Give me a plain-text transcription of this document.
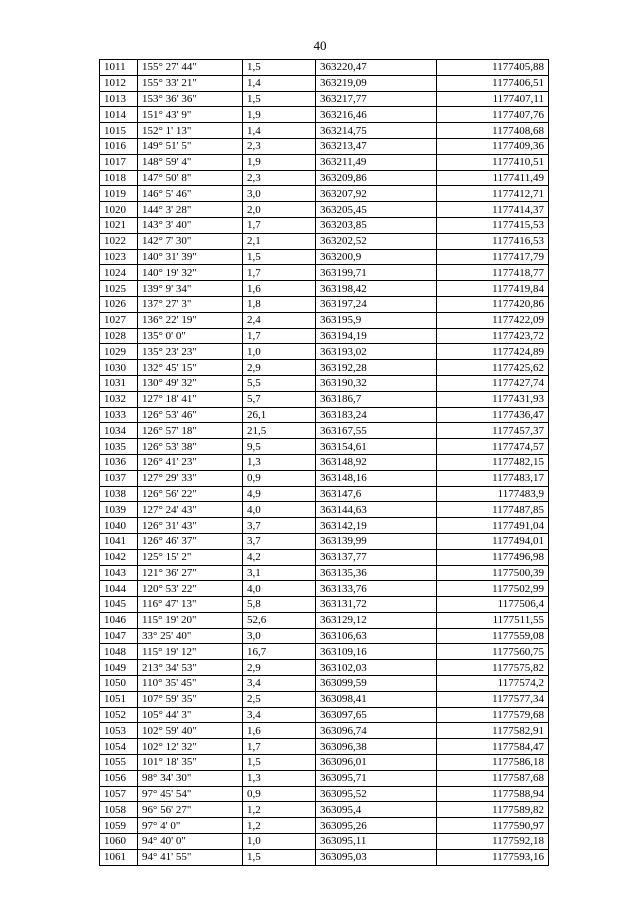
40
1011	155° 27' 44"	1,5	363220,47	1177405,88
1012	155° 33' 21"	1,4	363219,09	1177406,51
1013	153° 36' 36"	1,5	363217,77	1177407,11
1014	151° 43' 9"	1,9	363216,46	1177407,76
1015	152° 1' 13"	1,4	363214,75	1177408,68
1016	149° 51' 5"	2,3	363213,47	1177409,36
1017	148° 59' 4"	1,9	363211,49	1177410,51
1018	147° 50' 8"	2,3	363209,86	1177411,49
1019	146° 5' 46"	3,0	363207,92	1177412,71
1020	144° 3' 28"	2,0	363205,45	1177414,37
1021	143° 3' 40"	1,7	363203,85	1177415,53
1022	142° 7' 30"	2,1	363202,52	1177416,53
1023	140° 31' 39"	1,5	363200,9	1177417,79
1024	140° 19' 32"	1,7	363199,71	1177418,77
1025	139° 9' 34"	1,6	363198,42	1177419,84
1026	137° 27' 3"	1,8	363197,24	1177420,86
1027	136° 22' 19"	2,4	363195,9	1177422,09
1028	135° 0' 0"	1,7	363194,19	1177423,72
1029	135° 23' 23"	1,0	363193,02	1177424,89
1030	132° 45' 15"	2,9	363192,28	1177425,62
1031	130° 49' 32"	5,5	363190,32	1177427,74
1032	127° 18' 41"	5,7	363186,7	1177431,93
1033	126° 53' 46"	26,1	363183,24	1177436,47
1034	126° 57' 18"	21,5	363167,55	1177457,37
1035	126° 53' 38"	9,5	363154,61	1177474,57
1036	126° 41' 23"	1,3	363148,92	1177482,15
1037	127° 29' 33"	0,9	363148,16	1177483,17
1038	126° 56' 22"	4,9	363147,6	1177483,9
1039	127° 24' 43"	4,0	363144,63	1177487,85
1040	126° 31' 43"	3,7	363142,19	1177491,04
1041	126° 46' 37"	3,7	363139,99	1177494,01
1042	125° 15' 2"	4,2	363137,77	1177496,98
1043	121° 36' 27"	3,1	363135,36	1177500,39
1044	120° 53' 22"	4,0	363133,76	1177502,99
1045	116° 47' 13"	5,8	363131,72	1177506,4
1046	115° 19' 20"	52,6	363129,12	1177511,55
1047	33° 25' 40"	3,0	363106,63	1177559,08
1048	115° 19' 12"	16,7	363109,16	1177560,75
1049	213° 34' 53"	2,9	363102,03	1177575,82
1050	110° 35' 45"	3,4	363099,59	1177574,2
1051	107° 59' 35"	2,5	363098,41	1177577,34
1052	105° 44' 3"	3,4	363097,65	1177579,68
1053	102° 59' 40"	1,6	363096,74	1177582,91
1054	102° 12' 32"	1,7	363096,38	1177584,47
1055	101° 18' 35"	1,5	363096,01	1177586,18
1056	98° 34' 30"	1,3	363095,71	1177587,68
1057	97° 45' 54"	0,9	363095,52	1177588,94
1058	96° 56' 27"	1,2	363095,4	1177589,82
1059	97° 4' 0"	1,2	363095,26	1177590,97
1060	94° 40' 0"	1,0	363095,11	1177592,18
1061	94° 41' 55"	1,5	363095,03	1177593,16
